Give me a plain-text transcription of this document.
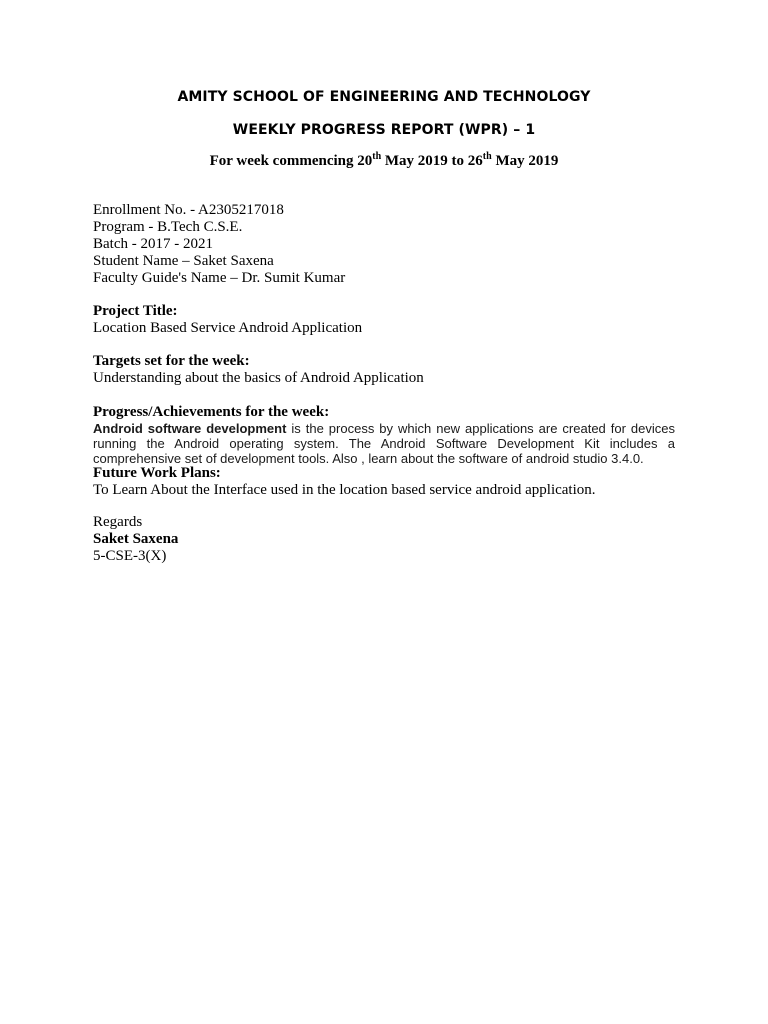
AMITY SCHOOL OF ENGINEERING AND TECHNOLOGY
WEEKLY PROGRESS REPORT (WPR) – 1
For week commencing 20th May 2019 to 26th May 2019
Enrollment No. - A2305217018
Program - B.Tech C.S.E.
Batch - 2017 - 2021
Student Name – Saket Saxena
Faculty Guide's Name – Dr. Sumit Kumar
Project Title:
Location Based Service Android Application
Targets set for the week:
Understanding about the basics of Android Application
Progress/Achievements for the week:
Android software development is the process by which new applications are created for devices running the Android operating system. The Android Software Development Kit includes a comprehensive set of development tools. Also , learn about the software of android studio 3.4.0.
Future Work Plans:
To Learn About the Interface used in the location based service android application.
Regards
Saket Saxena
5-CSE-3(X)
